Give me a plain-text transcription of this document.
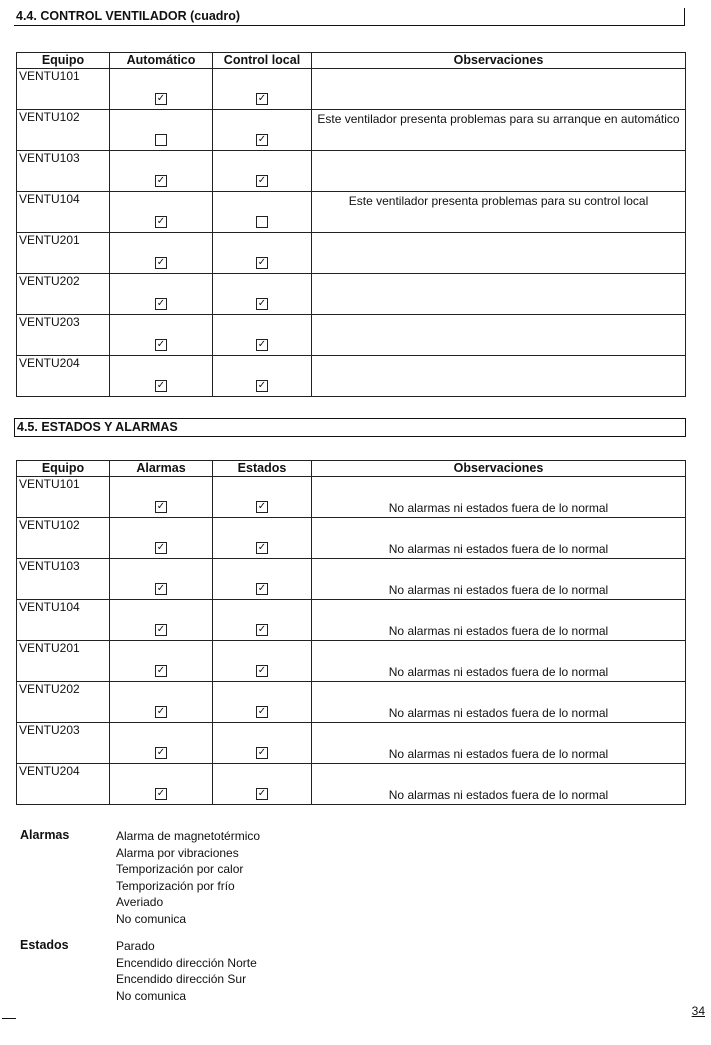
4.4. CONTROL VENTILADOR (cuadro)
Equipo	Automático	Control local	Observaciones
VENTU101	✓	✓	

VENTU102		✓	Este ventilador presenta problemas para su arranque en automático
VENTU103	✓	✓	

VENTU104	✓		Este ventilador presenta problemas para su control local
VENTU201	✓	✓	

VENTU202	✓	✓	

VENTU203	✓	✓	

VENTU204	✓	✓	

4.5. ESTADOS Y ALARMAS
Equipo	Alarmas	Estados	Observaciones
VENTU101	✓	✓	No alarmas ni estados fuera de lo normal

VENTU102	✓	✓	No alarmas ni estados fuera de lo normal

VENTU103	✓	✓	No alarmas ni estados fuera de lo normal

VENTU104	✓	✓	No alarmas ni estados fuera de lo normal

VENTU201	✓	✓	No alarmas ni estados fuera de lo normal

VENTU202	✓	✓	No alarmas ni estados fuera de lo normal

VENTU203	✓	✓	No alarmas ni estados fuera de lo normal

VENTU204	✓	✓	No alarmas ni estados fuera de lo normal
Alarmas	Alarma de magnetotérmico
Alarma por vibraciones
Temporización por calor
Temporización por frío
Averiado
No comunica
Estados	Parado
Encendido dirección Norte
Encendido dirección Sur
No comunica
34
